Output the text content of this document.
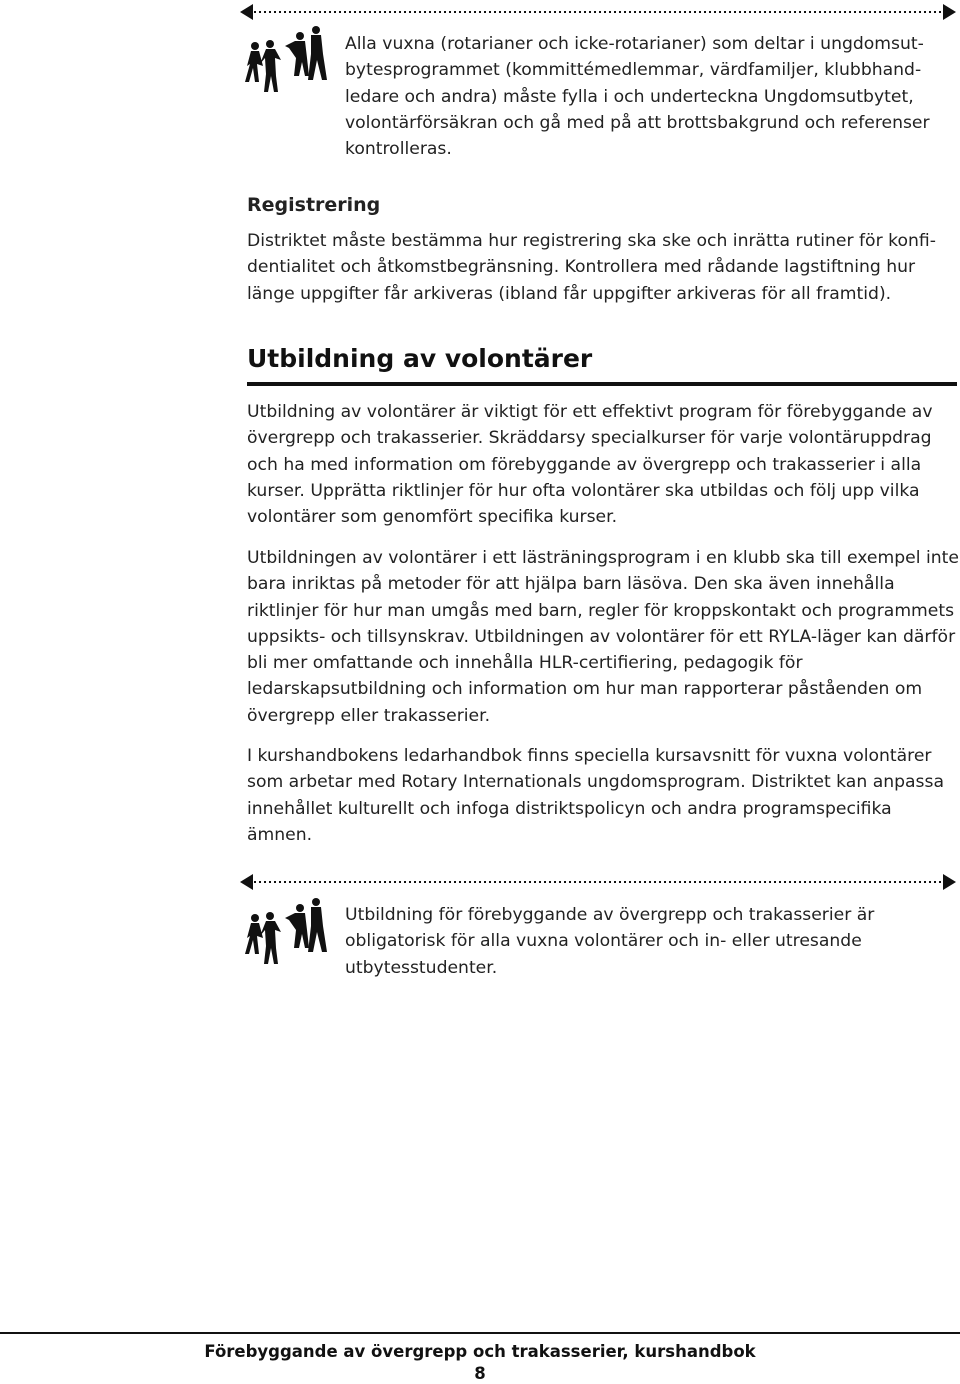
Alla vuxna (rotarianer och icke-rotarianer) som deltar i ungdomsutbytesprogrammet (kommittémedlemmar, värdfamiljer, klubbhandledare och andra) måste fylla i och underteckna Ungdomsutbytet, volontärförsäkran och gå med på att brottsbakgrund och referenser kontrolleras.

Registrering

Distriktet måste bestämma hur registrering ska ske och inrätta rutiner för konfidentialitet och åtkomstbegränsning. Kontrollera med rådande lagstiftning hur länge uppgifter får arkiveras (ibland får uppgifter arkiveras för all framtid).

Utbildning av volontärer

Utbildning av volontärer är viktigt för ett effektivt program för förebyggande av övergrepp och trakasserier. Skräddarsy specialkurser för varje volontäruppdrag och ha med information om förebyggande av övergrepp och trakasserier i alla kurser. Upprätta riktlinjer för hur ofta volontärer ska utbildas och följ upp vilka volontärer som genomfört specifika kurser.

Utbildningen av volontärer i ett lästräningsprogram i en klubb ska till exempel inte bara inriktas på metoder för att hjälpa barn läsöva. Den ska även innehålla riktlinjer för hur man umgås med barn, regler för kroppskontakt och programmets uppsikts- och tillsynskrav. Utbildningen av volontärer för ett RYLA-läger kan därför bli mer omfattande och innehålla HLR-certifiering, pedagogik för ledarskapsutbildning och information om hur man rapporterar påståenden om övergrepp eller trakasserier.

I kurshandbokens ledarhandbok finns speciella kursavsnitt för vuxna volontärer som arbetar med Rotary Internationals ungdomsprogram. Distriktet kan anpassa innehållet kulturellt och infoga distriktspolicyn och andra programspecifika ämnen.

Utbildning för förebyggande av övergrepp och trakasserier är obligatorisk för alla vuxna volontärer och in- eller utresande utbytesstudenter.

Förebyggande av övergrepp och trakasserier, kurshandbok

8
